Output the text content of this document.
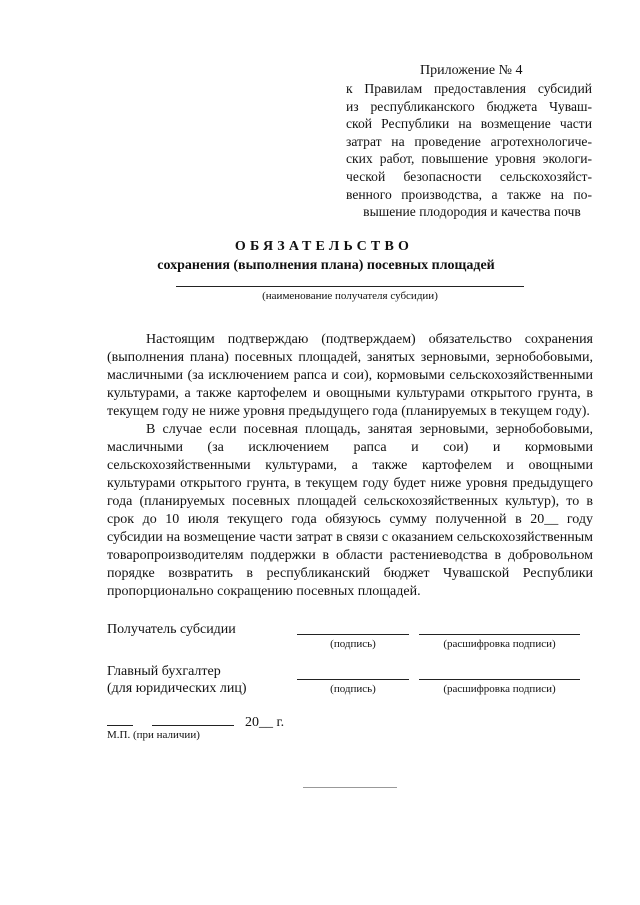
Приложение № 4
к Правилам предоставления субсидий
из республиканского бюджета Чуваш-
ской Республики на возмещение части
затрат на проведение агротехнологиче-
ских работ, повышение уровня экологи-
ческой безопасности сельскохозяйст-
венного производства, а также на по-
вышение плодородия и качества почв
ОБЯЗАТЕЛЬСТВО
сохранения (выполнения плана) посевных площадей
(наименование получателя субсидии)

Настоящим подтверждаю (подтверждаем) обязательство сохранения (выполнения плана) посевных площадей, занятых зерновыми, зернобобовыми, масличными (за исключением рапса и сои), кормовыми сельскохозяйственными культурами, а также картофелем и овощными культурами открытого грунта, в текущем году не ниже уровня предыдущего года (планируемых в текущем году).

В случае если посевная площадь, занятая зерновыми, зернобобовыми, масличными (за исключением рапса и сои) и кормовыми сельскохозяйственными культурами, а также картофелем и овощными культурами открытого грунта, в текущем году будет ниже уровня предыдущего года (планируемых посевных площадей сельскохозяйственных культур), то в срок до 10 июля текущего года обязуюсь сумму полученной в 20__ году субсидии на возмещение части затрат в связи с оказанием сельскохозяйственным товаропроизводителям поддержки в области растениеводства в добровольном порядке возвратить в республиканский бюджет Чувашской Республики пропорционально сокращению посевных площадей.

Получатель субсидии
(подпись)	(расшифровка подписи)
Главный бухгалтер
(для юридических лиц)	(подпись)	(расшифровка подписи)
20__ г.
М.П. (при наличии)
